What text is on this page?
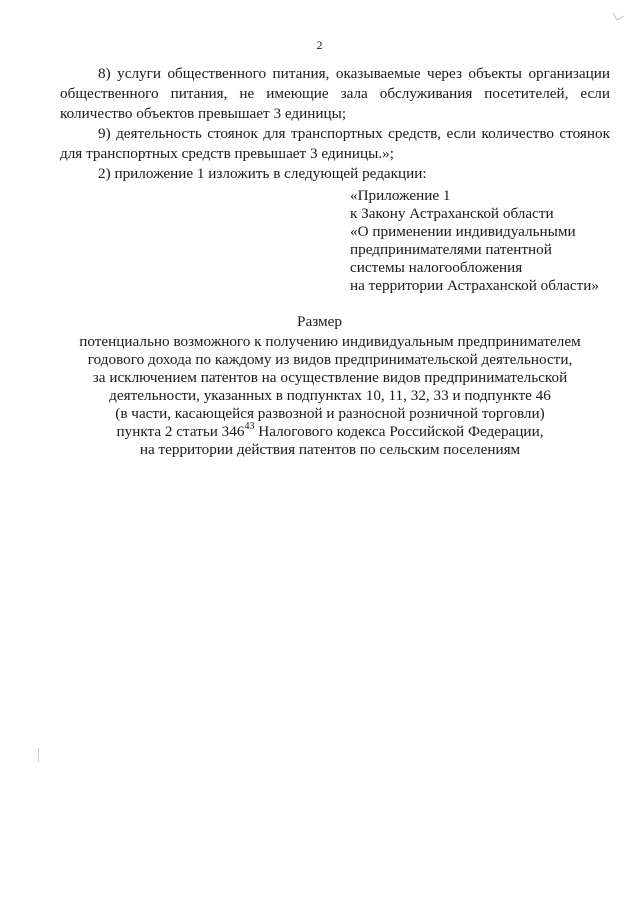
2

8) услуги общественного питания, оказываемые через объекты организации общественного питания, не имеющие зала обслуживания посетителей, если количество объектов превышает 3 единицы;

9) деятельность стоянок для транспортных средств, если количество стоянок для транспортных средств превышает 3 единицы.»;

2) приложение 1 изложить в следующей редакции:

«Приложение 1
к Закону Астраханской области
«О применении индивидуальными
предпринимателями патентной
системы налогообложения
на территории Астраханской области»
Размер
потенциально возможного к получению индивидуальным предпринимателем
годового дохода по каждому из видов предпринимательской деятельности,
за исключением патентов на осуществление видов предпринимательской
деятельности, указанных в подпунктах 10, 11, 32, 33 и подпункте 46
(в части, касающейся развозной и разносной розничной торговли)
пункта 2 статьи $346^{43}$ Налогового кодекса Российской Федерации,
на территории действия патентов по сельским поселениям
